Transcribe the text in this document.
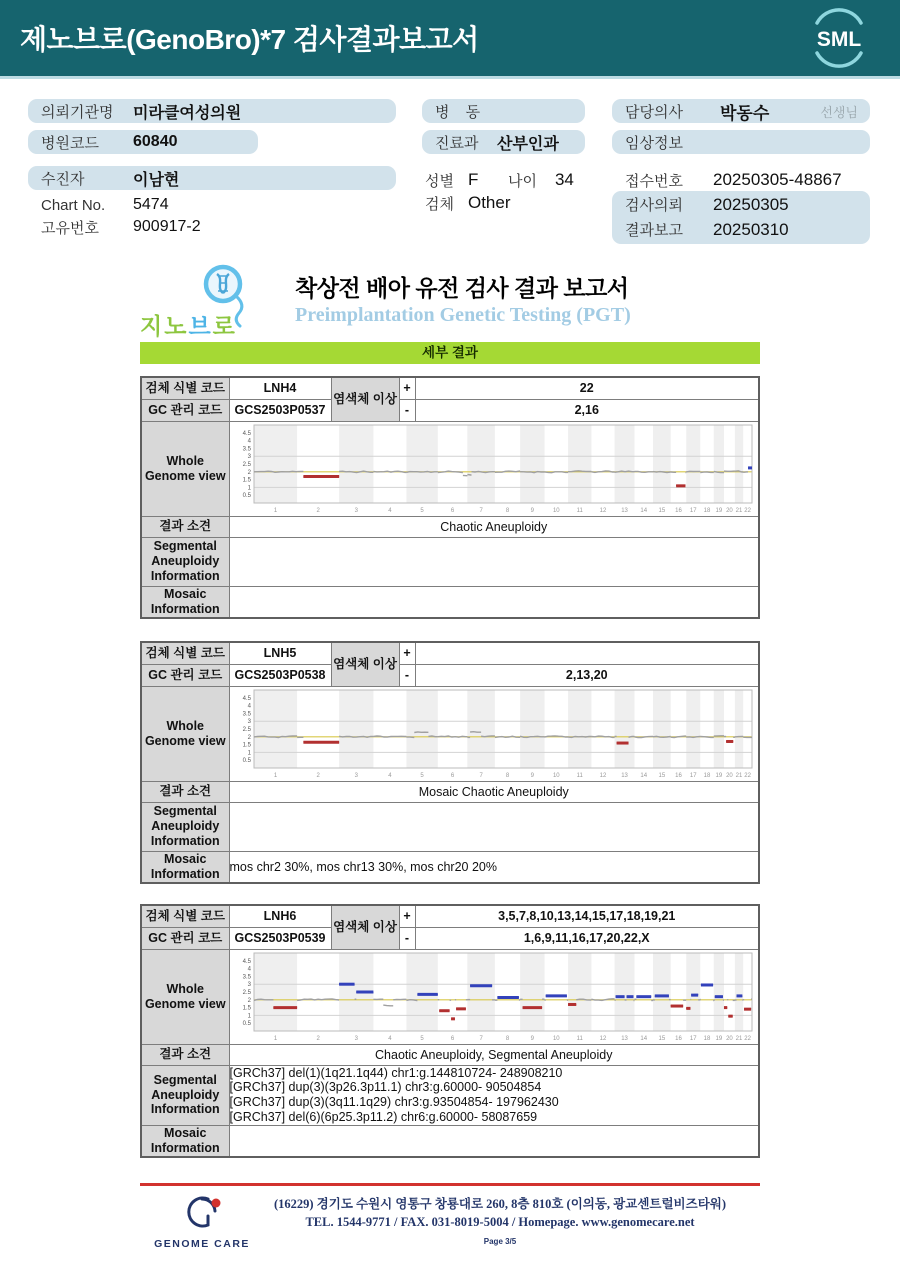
제노브로(GenoBro)*7 검사결과보고서	SML
의뢰기관명	미라클여성의원
병원코드	60840
수진자	이남현
Chart No.	5474
고유번호	900917-2
병 동
진료과	산부인과
성별 F	나이 34
검체 Other
담당의사	박동수	선생님
임상정보
접수번호	20250305-48867
검사의뢰	20250305
결과보고	20250310
지노브로
착상전 배아 유전 검사 결과 보고서
Preimplantation Genetic Testing (PGT)
세부 결과
검체 식별 코드	LNH4	염색체 이상	+	22
GC 관리 코드	GCS2503P0537		-	2,16
Whole Genome view	
0.5
1
1.5
2
2.5
3
3.5
4
4.5
1	2	3	4	5	6	7	8	9	10	11	12 13 14 15 16 17 18 19 20 21 22

결과 소견	Chaotic Aneuploidy			
Segmental Aneuploidy Information				
Mosaic Information				
검체 식별 코드	LNH5	염색체 이상	+	
GC 관리 코드	GCS2503P0538		-	2,13,20
Whole Genome view	
0.5
1
1.5
2
2.5
3
3.5
4
4.5
1	2	3	4	5	6	7	8	9	10	11	12 13 14 15 16 17 18 19 20 21 22

결과 소견	Mosaic Chaotic Aneuploidy			
Segmental Aneuploidy Information				
Mosaic Information	mos chr2 30%, mos chr13 30%, mos chr20 20%			
검체 식별 코드	LNH6	염색체 이상	+	3,5,7,8,10,13,14,15,17,18,19,21
GC 관리 코드	GCS2503P0539		-	1,6,9,11,16,17,20,22,X
Whole Genome view	
0.5
1
1.5
2
2.5
3
3.5
4
4.5
1	2	3	4	5	6	7	8	9	10	11	12 13 14 15 16 17 18 19 20 21 22

결과 소견	Chaotic Aneuploidy, Segmental Aneuploidy			
Segmental Aneuploidy Information	[GRCh37] del(1)(1q21.1q44) chr1:g.144810724- 248908210
[GRCh37] dup(3)(3p26.3p11.1) chr3:g.60000- 90504854
[GRCh37] dup(3)(3q11.1q29) chr3:g.93504854- 197962430
[GRCh37] del(6)(6p25.3p11.2) chr6:g.60000- 58087659			

Mosaic Information				
GENOME CARE
(16229) 경기도 수원시 영통구 창룡대로 260, 8층 810호 (이의동, 광교센트럴비즈타워)
TEL. 1544-9771 / FAX. 031-8019-5004 / Homepage. www.genomecare.net
Page 3/5
